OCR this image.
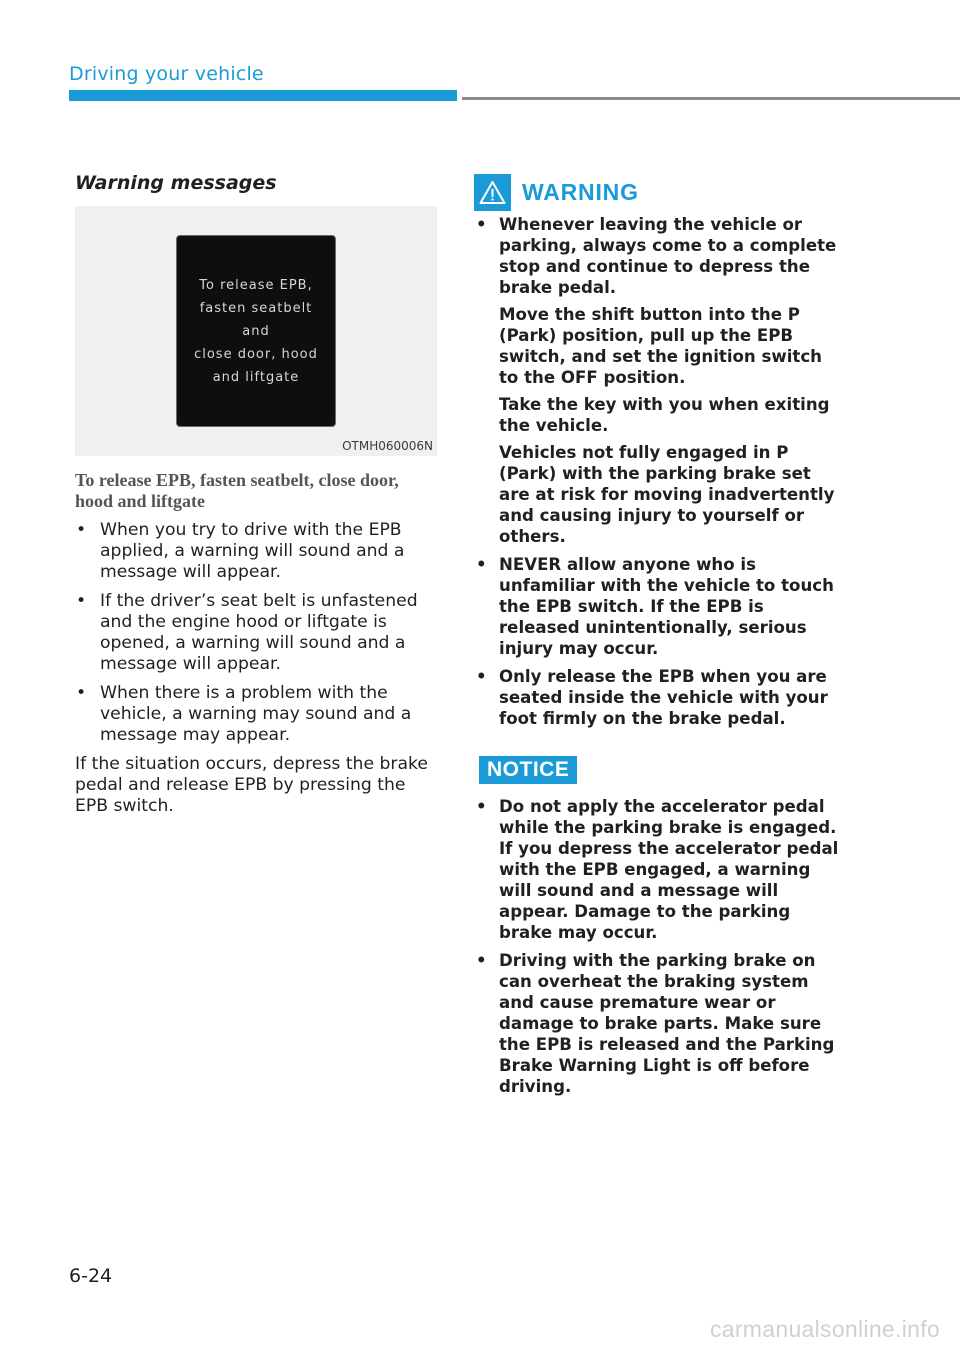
Driving your vehicle
Warning messages
To release EPB,
fasten seatbelt and
close door, hood
and liftgate
OTMH060006N
To release EPB, fasten seatbelt, close door, hood and liftgate
• When you try to drive with the EPB applied, a warning will sound and a message will appear.
• If the driver’s seat belt is unfastened and the engine hood or liftgate is opened, a warning will sound and a message will appear.
• When there is a problem with the vehicle, a warning may sound and a message may appear.

If the situation occurs, depress the brake pedal and release EPB by pressing the EPB switch.

WARNING

• Whenever leaving the vehicle or parking, always come to a complete stop and continue to depress the brake pedal.

Move the shift button into the P (Park) position, pull up the EPB switch, and set the ignition switch to the OFF position.

Take the key with you when exiting the vehicle.

Vehicles not fully engaged in P (Park) with the parking brake set are at risk for moving inadvertently and causing injury to yourself or others.

• NEVER allow anyone who is unfamiliar with the vehicle to touch the EPB switch. If the EPB is released unintentionally, serious injury may occur.

• Only release the EPB when you are seated inside the vehicle with your foot firmly on the brake pedal.

NOTICE
• Do not apply the accelerator pedal while the parking brake is engaged. If you depress the accelerator pedal with the EPB engaged, a warning will sound and a message will appear. Damage to the parking brake may occur.
• Driving with the parking brake on can overheat the braking system and cause premature wear or damage to brake parts. Make sure the EPB is released and the Parking Brake Warning Light is off before driving.
6-24
carmanualsonline.info
